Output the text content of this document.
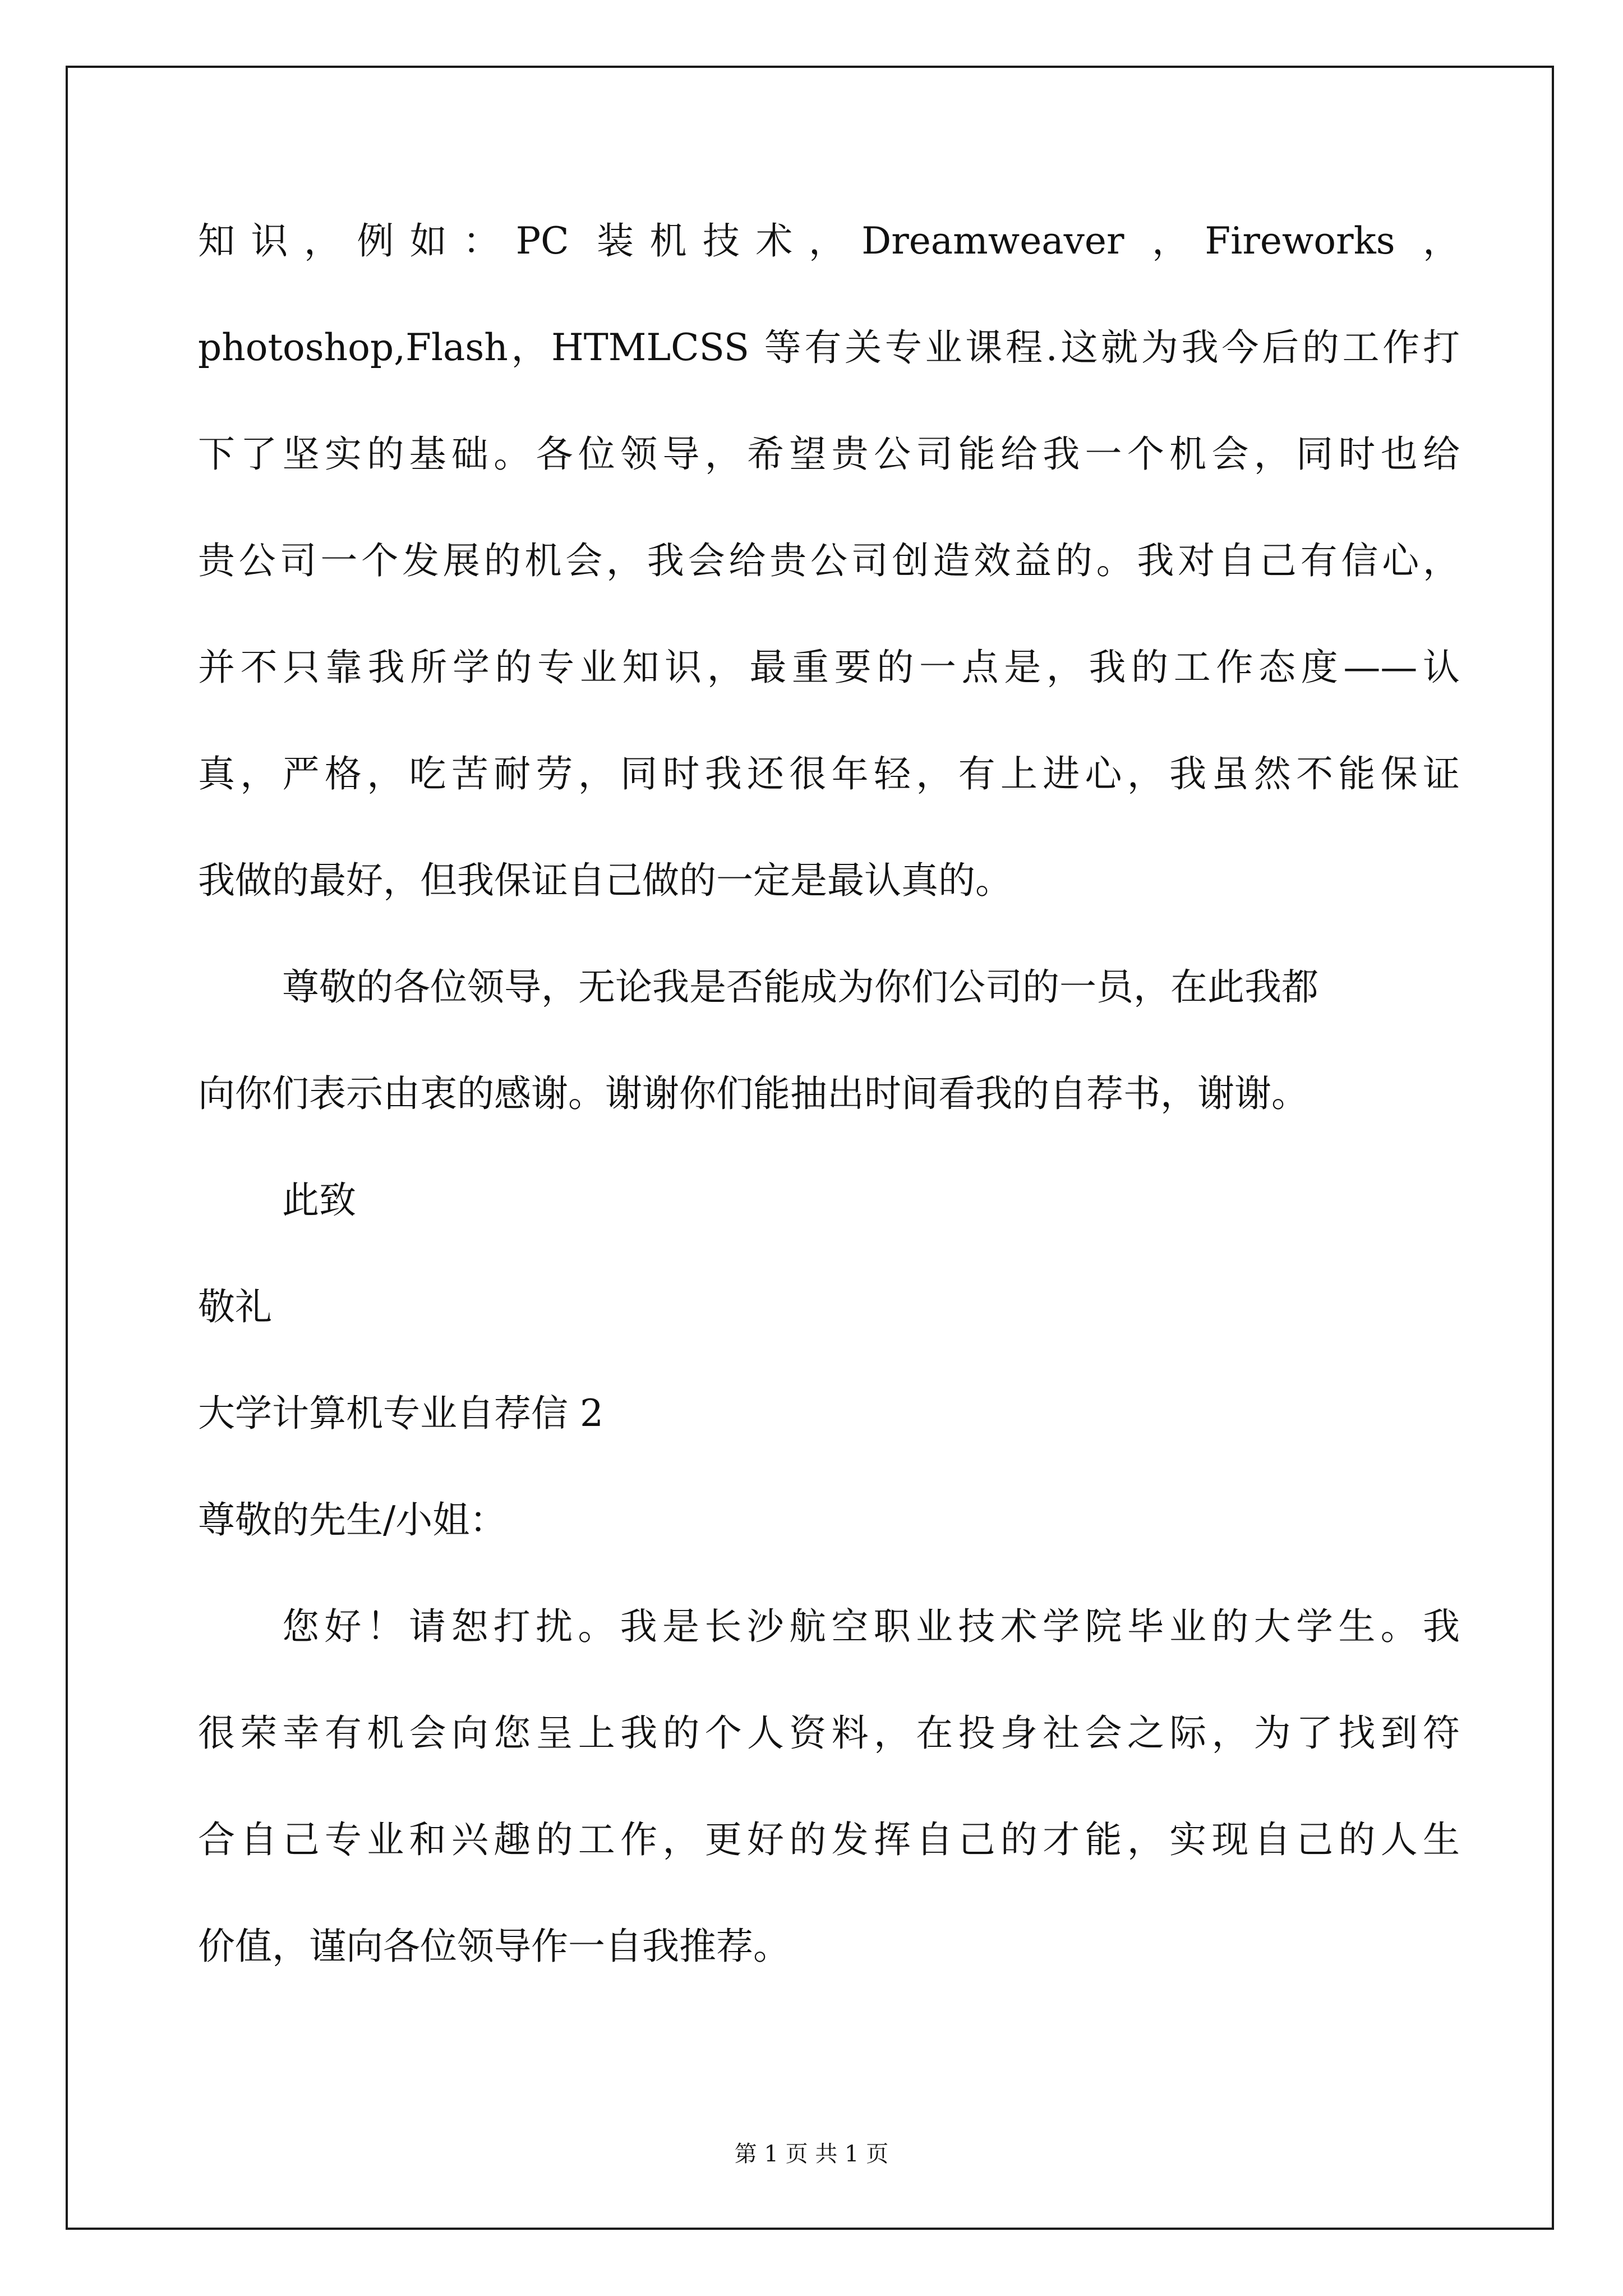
知识，例如：PC 装机技术，Dreamweaver ，Fireworks ，
photoshop,Flash，HTMLCSS 等有关专业课程.这就为我今后的工作打
下了坚实的基础。各位领导，希望贵公司能给我一个机会，同时也给
贵公司一个发展的机会，我会给贵公司创造效益的。我对自己有信心，
并不只靠我所学的专业知识，最重要的一点是，我的工作态度——认
真，严格，吃苦耐劳，同时我还很年轻，有上进心，我虽然不能保证
我做的最好，但我保证自己做的一定是最认真的。
尊敬的各位领导，无论我是否能成为你们公司的一员，在此我都
向你们表示由衷的感谢。谢谢你们能抽出时间看我的自荐书，谢谢。
此致
敬礼
大学计算机专业自荐信 2
尊敬的先生/小姐：
您好！请恕打扰。我是长沙航空职业技术学院毕业的大学生。我
很荣幸有机会向您呈上我的个人资料，在投身社会之际，为了找到符
合自己专业和兴趣的工作，更好的发挥自己的才能，实现自己的人生
价值，谨向各位领导作一自我推荐。
第 1 页 共 1 页
